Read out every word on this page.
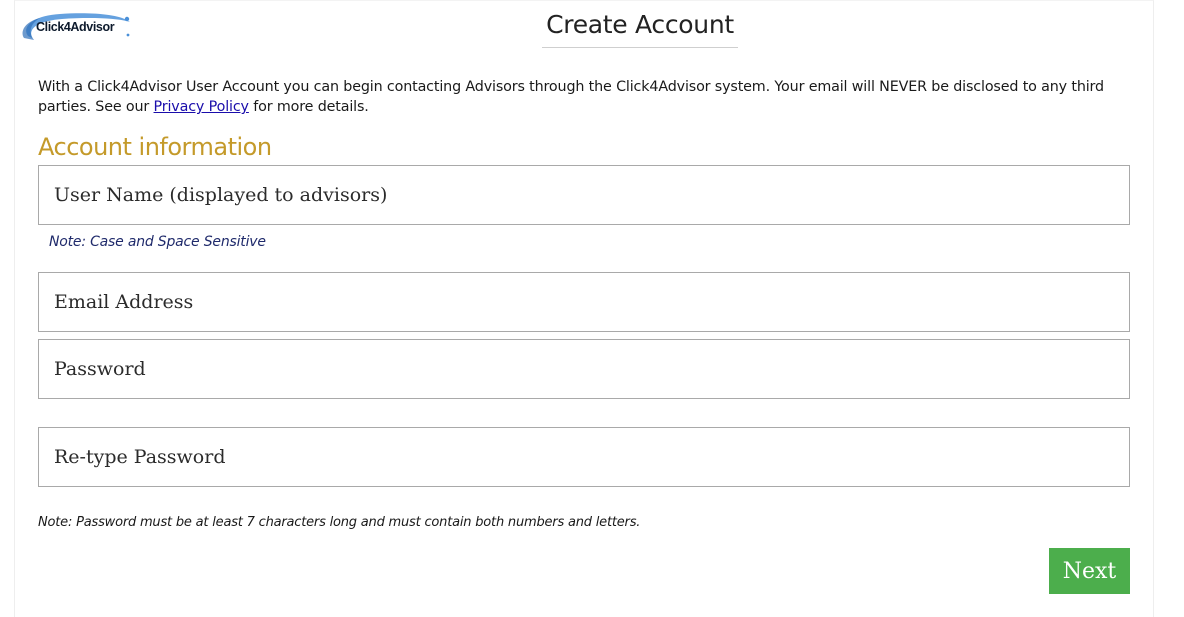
Click4Advisor	Create Account

With a Click4Advisor User Account you can begin contacting Advisors through the Click4Advisor system. Your email will NEVER be disclosed to any third parties. See our Privacy Policy for more details.

Account information
User Name (displayed to advisors)
Note: Case and Space Sensitive
Email Address
Note: Password must be at least 7 characters long and must contain both numbers and letters.
Next
